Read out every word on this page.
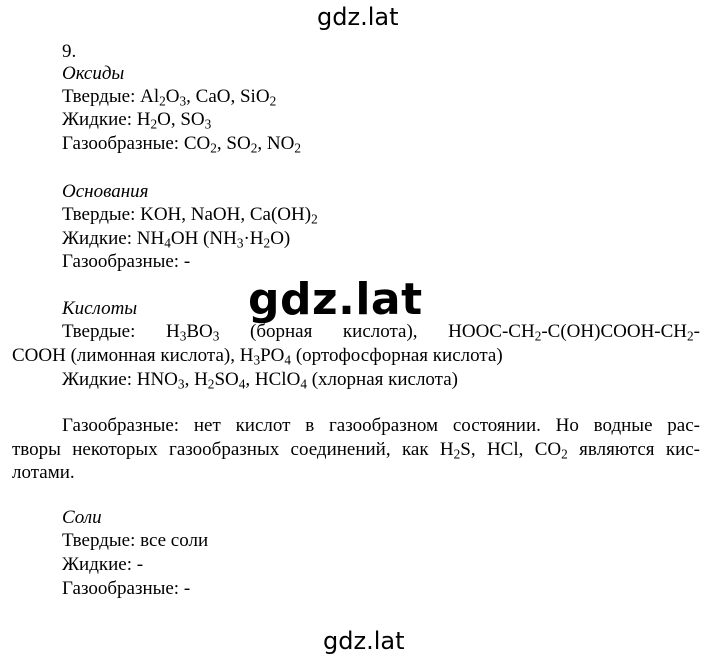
gdz.lat
gdz.lat
gdz.lat
9.
Оксиды
Твердые: $Al_2O_3$, CaO, SiO$_2$
Жидкие: $H_2O$, $SO_3$
Газообразные: $CO_2$, $SO_2$, $NO_2$
Основания
Твердые: KOH, NaOH, $Ca(OH)_2$
Жидкие: $NH_4OH$ $(NH_3\cdot H_2O)$
Газообразные: -
Кислоты
Твердые: $H_3BO_3$ (борная кислота), HOOC-$CH_2-C(OH)COOH-CH_2-$
COOH (лимонная кислота), $H_3PO_4$ (ортофосфорная кислота)
Жидкие: $HNO_3$, $H_2SO_4$, HClO$_4$ (хлорная кислота)
Газообразные: нет кислот в газообразном состоянии. Но водные рас-
творы некоторых газообразных соединений, как $H_2S$, HCl, $CO_2$ являются кис-
лотами.
Соли
Твердые: все соли
Жидкие: -
Газообразные: -
